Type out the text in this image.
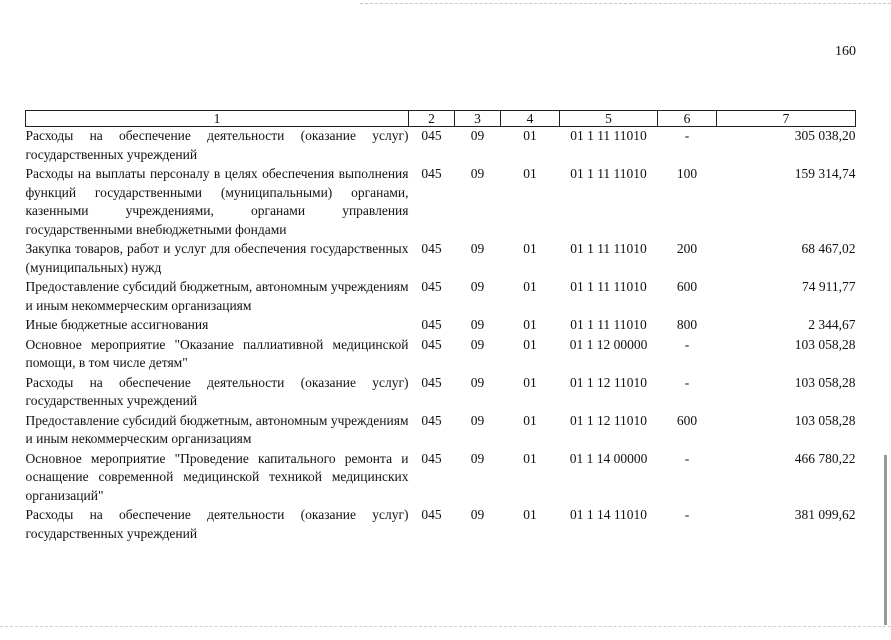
160
1	2	3	4	5	6	7
Расходы на обеспечение деятельности (оказание услуг) государственных учреждений	045	09	01	01 1 11 11010	-	305 038,20
Расходы на выплаты персоналу в целях обеспечения выполнения функций государственными (муниципальными) органами, казенными учреждениями, органами управления государственными внебюджетными фондами	045	09	01	01 1 11 11010	100	159 314,74
Закупка товаров, работ и услуг для обеспечения государственных (муниципальных) нужд	045	09	01	01 1 11 11010	200	68 467,02
Предоставление субсидий бюджетным, автономным учреждениям и иным некоммерческим организациям	045	09	01	01 1 11 11010	600	74 911,77
Иные бюджетные ассигнования	045	09	01	01 1 11 11010	800	2 344,67
Основное мероприятие "Оказание паллиативной медицинской помощи, в том числе детям"	045	09	01	01 1 12 00000	-	103 058,28
Расходы на обеспечение деятельности (оказание услуг) государственных учреждений	045	09	01	01 1 12 11010	-	103 058,28
Предоставление субсидий бюджетным, автономным учреждениям и иным некоммерческим организациям	045	09	01	01 1 12 11010	600	103 058,28
Основное мероприятие "Проведение капитального ремонта и оснащение современной медицинской техникой медицинских организаций"	045	09	01	01 1 14 00000	-	466 780,22
Расходы на обеспечение деятельности (оказание услуг) государственных учреждений	045	09	01	01 1 14 11010	-	381 099,62
